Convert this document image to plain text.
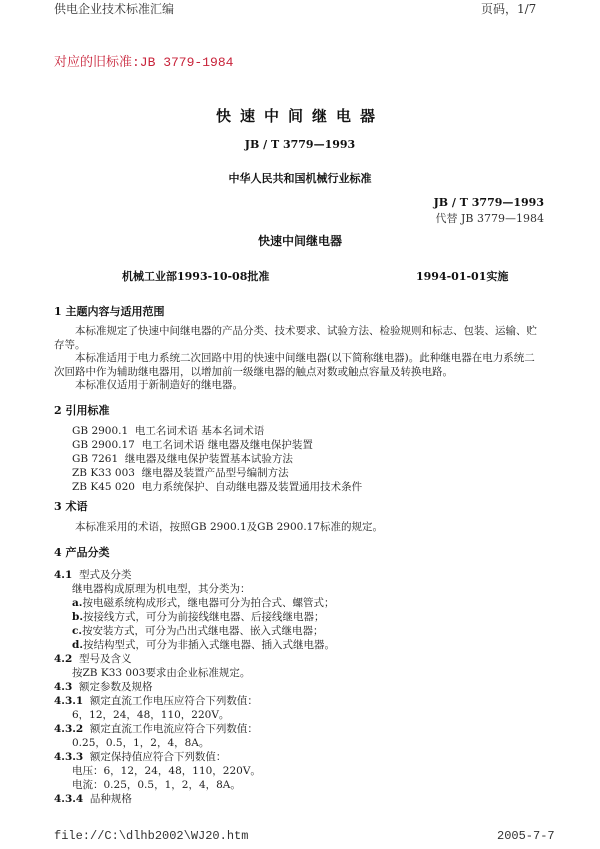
供电企业技术标准汇编	页码，1/7
对应的旧标准:JB 3779-1984
快速中间继电器
JB / T 3779—1993
中华人民共和国机械行业标准
JB / T 3779—1993
代替 JB 3779—1984
快速中间继电器
机械工业部1993-10-08批准	1994-01-01实施
1 主题内容与适用范围
本标准规定了快速中间继电器的产品分类、技术要求、试验方法、检验规则和标志、包装、运输、贮
存等。
本标准适用于电力系统二次回路中用的快速中间继电器(以下简称继电器)。此种继电器在电力系统二
次回路中作为辅助继电器用，以增加前一级继电器的触点对数或触点容量及转换电路。
本标准仅适用于新制造好的继电器。
2 引用标准
GB 2900.1 电工名词术语 基本名词术语
GB 2900.17 电工名词术语 继电器及继电保护装置
GB 7261 继电器及继电保护装置基本试验方法
ZB K33 003 继电器及装置产品型号编制方法
ZB K45 020 电力系统保护、自动继电器及装置通用技术条件
3 术语
本标准采用的术语，按照GB 2900.1及GB 2900.17标准的规定。
4 产品分类
4.1 型式及分类
继电器构成原理为机电型，其分类为：
a.按电磁系统构成形式，继电器可分为拍合式、螺管式；
b.按接线方式，可分为前接线继电器、后接线继电器；
c.按安装方式，可分为凸出式继电器、嵌入式继电器；
d.按结构型式，可分为非插入式继电器、插入式继电器。
4.2 型号及含义
按ZB K33 003要求由企业标准规定。
4.3 额定参数及规格
4.3.1 额定直流工作电压应符合下列数值：
6，12，24，48，110，220V。
4.3.2 额定直流工作电流应符合下列数值：
0.25，0.5，1，2，4，8A。
4.3.3 额定保持值应符合下列数值：
电压：6，12，24，48，110，220V。
电流：0.25，0.5，1，2，4，8A。
4.3.4 品种规格
file://C:\dlhb2002\WJ20.htm	2005-7-7
